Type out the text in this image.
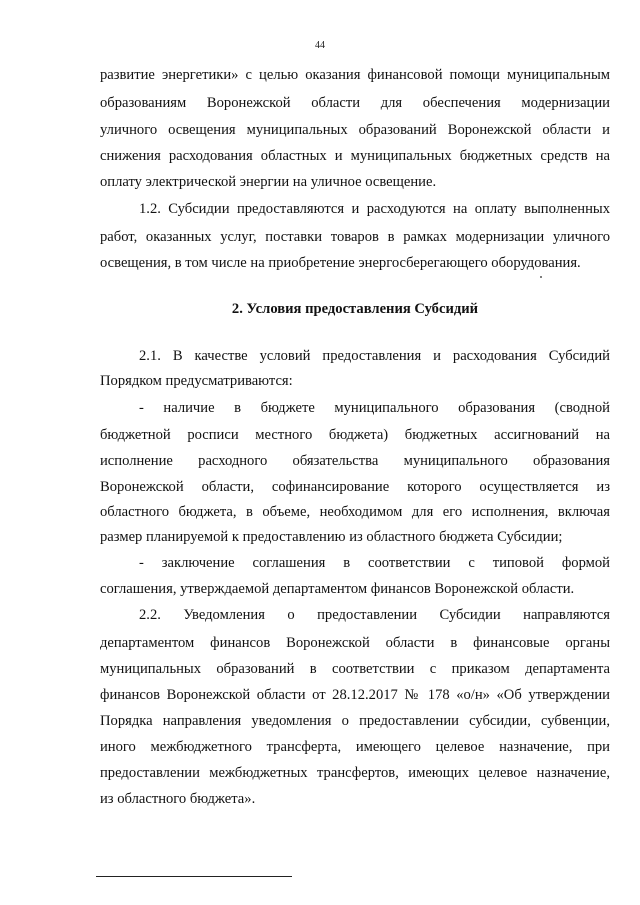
44
развитие энергетики» с целью оказания финансовой помощи муниципальным
образованиям Воронежской области для обеспечения модернизации
уличного освещения муниципальных образований Воронежской области и
снижения расходования областных и муниципальных бюджетных средств на
оплату электрической энергии на уличное освещение.
1.2. Субсидии предоставляются и расходуются на оплату выполненных
работ, оказанных услуг, поставки товаров в рамках модернизации уличного
освещения, в том числе на приобретение энергосберегающего оборудования.
2. Условия предоставления Субсидий
2.1. В качестве условий предоставления и расходования Субсидий
Порядком предусматриваются:
- наличие в бюджете муниципального образования (сводной
бюджетной росписи местного бюджета) бюджетных ассигнований на
исполнение расходного обязательства муниципального образования
Воронежской области, софинансирование которого осуществляется из
областного бюджета, в объеме, необходимом для его исполнения, включая
размер планируемой к предоставлению из областного бюджета Субсидии;
- заключение соглашения в соответствии с типовой формой
соглашения, утверждаемой департаментом финансов Воронежской области.
2.2. Уведомления о предоставлении Субсидии направляются
департаментом финансов Воронежской области в финансовые органы
муниципальных образований в соответствии с приказом департамента
финансов Воронежской области от 28.12.2017 № 178 «о/н» «Об утверждении
Порядка направления уведомления о предоставлении субсидии, субвенции,
иного межбюджетного трансферта, имеющего целевое назначение, при
предоставлении межбюджетных трансфертов, имеющих целевое назначение,
из областного бюджета».
